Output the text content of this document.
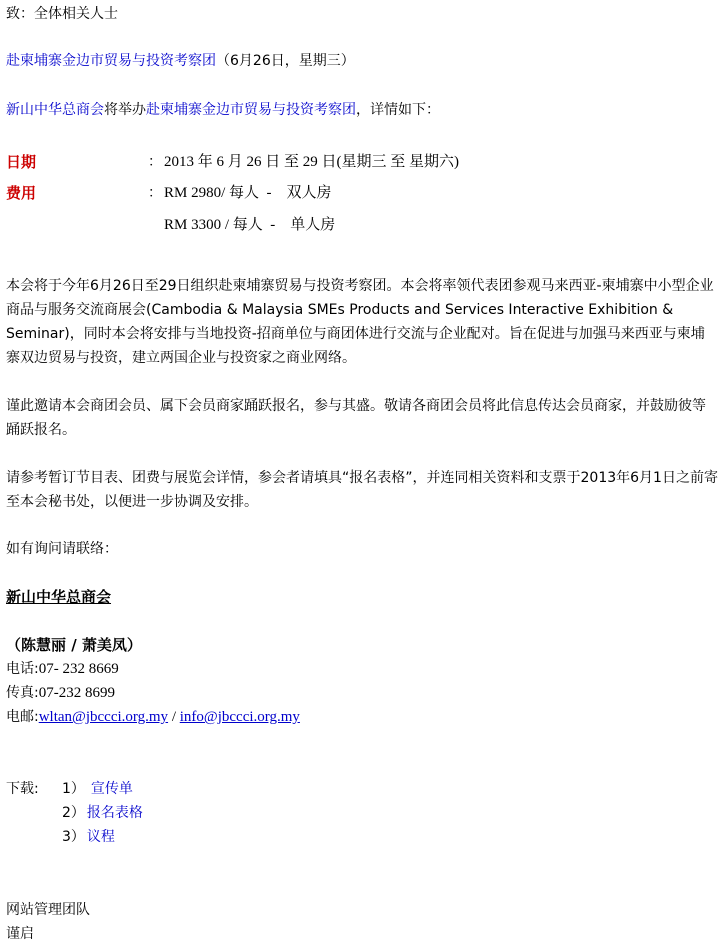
致：全体相关人士
赴柬埔寨金边市贸易与投资考察团（6月26日，星期三）
新山中华总商会将举办赴柬埔寨金边市贸易与投资考察团，详情如下：
日期	： 2013 年 6 月 26 日 至 29 日(星期三 至 星期六)
费用	： RM 2980/ 每人  -    双人房
RM 3300 / 每人  -    单人房
本会将于今年6月26日至29日组织赴柬埔寨贸易与投资考察团。本会将率领代表团参观马来西亚-柬埔寨中小型企业商品与服务交流商展会(Cambodia & Malaysia SMEs Products and Services Interactive Exhibition & Seminar)，同时本会将安排与当地投资-招商单位与商团体进行交流与企业配对。旨在促进与加强马来西亚与柬埔寨双边贸易与投资，建立两国企业与投资家之商业网络。
谨此邀请本会商团会员、属下会员商家踊跃报名，参与其盛。敬请各商团会员将此信息传达会员商家，并鼓励彼等踊跃报名。
请参考暂订节目表、团费与展览会详情，参会者请填具“报名表格”，并连同相关资料和支票于2013年6月1日之前寄至本会秘书处，以便进一步协调及安排。
如有询问请联络：
新山中华总商会
（陈慧丽 / 萧美凤）
电话:07- 232 8669
传真:07-232 8699
电邮:wltan@jbccci.org.my / info@jbccci.org.my
下载: 1） 宣传单
2） 报名表格
3） 议程
网站管理团队
谨启
